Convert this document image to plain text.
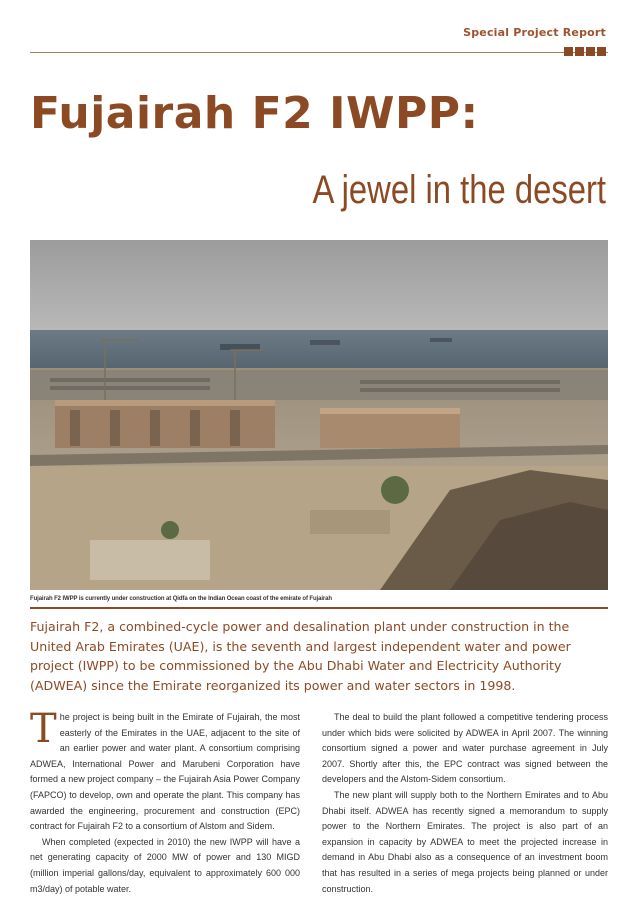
Special Project Report
Fujairah F2 IWPP:
A jewel in the desert
Fujairah F2 IWPP is currently under construction at Qidfa on the Indian Ocean coast of the emirate of Fujairah
Fujairah F2, a combined-cycle power and desalination plant under construction in the United Arab Emirates (UAE), is the seventh and largest independent water and power project (IWPP) to be commissioned by the Abu Dhabi Water and Electricity Authority (ADWEA) since the Emirate reorganized its power and water sectors in 1998.

T he project is being built in the Emirate of Fujairah, the most easterly of the Emirates in the UAE, adjacent to the site of an earlier power and water plant. A consortium comprising ADWEA, International Power and Marubeni Corporation have formed a new project company – the Fujairah Asia Power Company (FAPCO) to develop, own and operate the plant. This company has awarded the engineering, procurement and construction (EPC) contract for Fujairah F2 to a consortium of Alstom and Sidem.

When completed (expected in 2010) the new IWPP will have a net generating capacity of 2000 MW of power and 130 MIGD (million imperial gallons/day, equivalent to approximately 600 000 m3/day) of potable water.

The deal to build the plant followed a competitive tendering process under which bids were solicited by ADWEA in April 2007. The winning consortium signed a power and water purchase agreement in July 2007. Shortly after this, the EPC contract was signed between the developers and the Alstom-Sidem consortium.

The new plant will supply both to the Northern Emirates and to Abu Dhabi itself. ADWEA has recently signed a memorandum to supply power to the Northern Emirates. The project is also part of an expansion in capacity by ADWEA to meet the projected increase in demand in Abu Dhabi also as a consequence of an investment boom that has resulted in a series of mega projects being planned or under construction.
